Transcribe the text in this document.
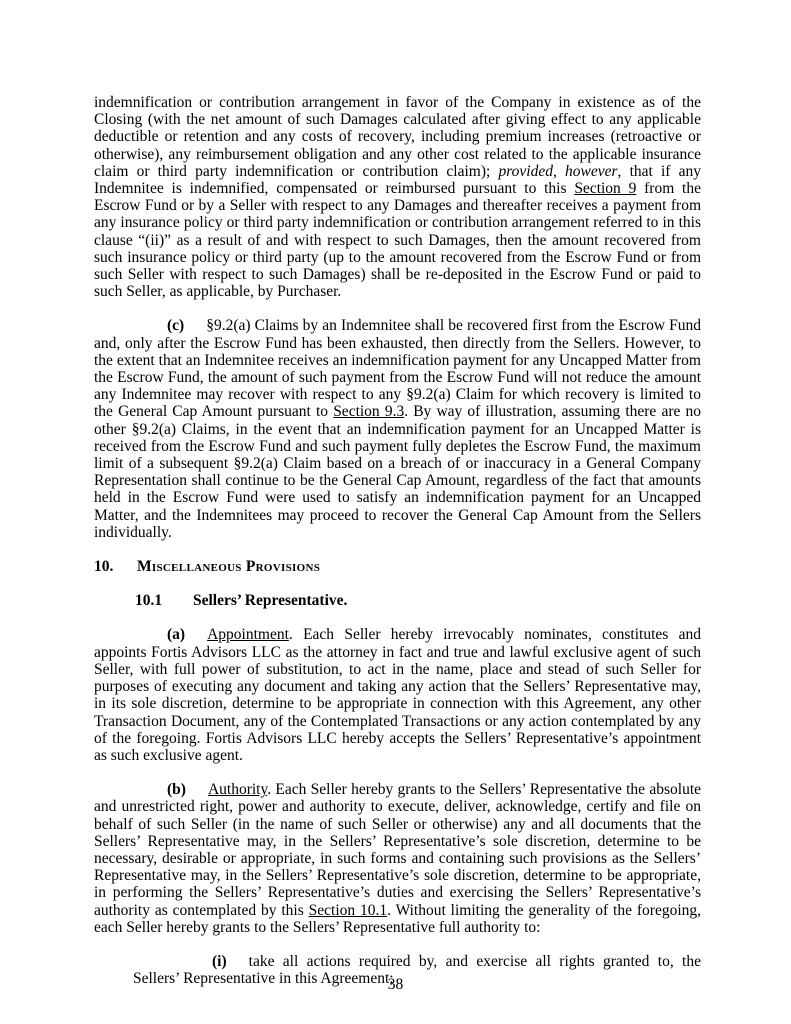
indemnification or contribution arrangement in favor of the Company in existence as of the Closing (with the net amount of such Damages calculated after giving effect to any applicable deductible or retention and any costs of recovery, including premium increases (retroactive or otherwise), any reimbursement obligation and any other cost related to the applicable insurance claim or third party indemnification or contribution claim); provided, however, that if any Indemnitee is indemnified, compensated or reimbursed pursuant to this Section 9 from the Escrow Fund or by a Seller with respect to any Damages and thereafter receives a payment from any insurance policy or third party indemnification or contribution arrangement referred to in this clause “(ii)” as a result of and with respect to such Damages, then the amount recovered from such insurance policy or third party (up to the amount recovered from the Escrow Fund or from such Seller with respect to such Damages) shall be re-deposited in the Escrow Fund or paid to such Seller, as applicable, by Purchaser.

(c) §9.2(a) Claims by an Indemnitee shall be recovered first from the Escrow Fund and, only after the Escrow Fund has been exhausted, then directly from the Sellers. However, to the extent that an Indemnitee receives an indemnification payment for any Uncapped Matter from the Escrow Fund, the amount of such payment from the Escrow Fund will not reduce the amount any Indemnitee may recover with respect to any §9.2(a) Claim for which recovery is limited to the General Cap Amount pursuant to Section 9.3. By way of illustration, assuming there are no other §9.2(a) Claims, in the event that an indemnification payment for an Uncapped Matter is received from the Escrow Fund and such payment fully depletes the Escrow Fund, the maximum limit of a subsequent §9.2(a) Claim based on a breach of or inaccuracy in a General Company Representation shall continue to be the General Cap Amount, regardless of the fact that amounts held in the Escrow Fund were used to satisfy an indemnification payment for an Uncapped Matter, and the Indemnitees may proceed to recover the General Cap Amount from the Sellers individually.

10. Miscellaneous Provisions

10.1 Sellers’ Representative.

(a) Appointment. Each Seller hereby irrevocably nominates, constitutes and appoints Fortis Advisors LLC as the attorney in fact and true and lawful exclusive agent of such Seller, with full power of substitution, to act in the name, place and stead of such Seller for purposes of executing any document and taking any action that the Sellers’ Representative may, in its sole discretion, determine to be appropriate in connection with this Agreement, any other Transaction Document, any of the Contemplated Transactions or any action contemplated by any of the foregoing. Fortis Advisors LLC hereby accepts the Sellers’ Representative’s appointment as such exclusive agent.

(b) Authority. Each Seller hereby grants to the Sellers’ Representative the absolute and unrestricted right, power and authority to execute, deliver, acknowledge, certify and file on behalf of such Seller (in the name of such Seller or otherwise) any and all documents that the Sellers’ Representative may, in the Sellers’ Representative’s sole discretion, determine to be necessary, desirable or appropriate, in such forms and containing such provisions as the Sellers’ Representative may, in the Sellers’ Representative’s sole discretion, determine to be appropriate, in performing the Sellers’ Representative’s duties and exercising the Sellers’ Representative’s authority as contemplated by this Section 10.1. Without limiting the generality of the foregoing, each Seller hereby grants to the Sellers’ Representative full authority to:

(i) take all actions required by, and exercise all rights granted to, the Sellers’ Representative in this Agreement;

38
